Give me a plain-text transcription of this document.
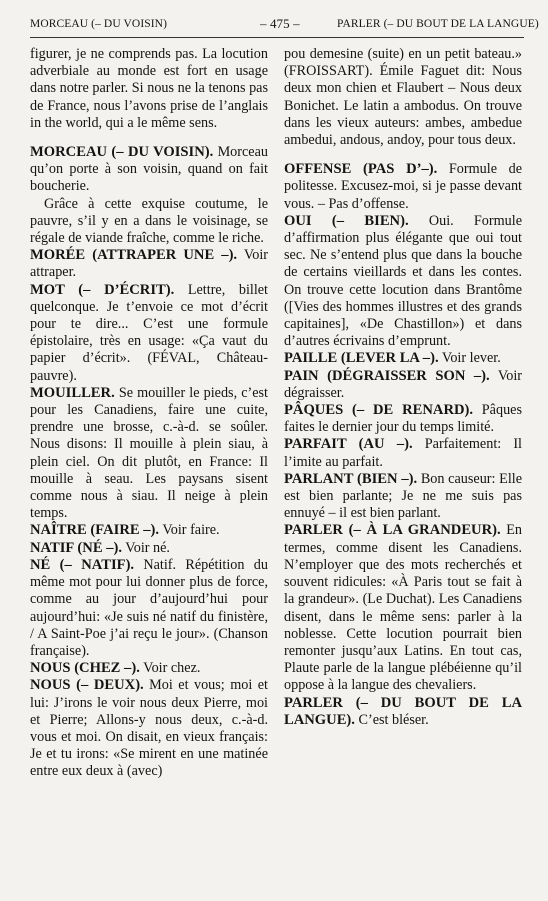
MORCEAU (– DU VOISIN)	– 475 –	PARLER (– DU BOUT DE LA LANGUE)

figurer, je ne comprends pas. La locution adverbiale au monde est fort en usage dans notre parler. Si nous ne la tenons pas de France, nous l’avons prise de l’anglais in the world, qui a le même sens.

MORCEAU (– DU VOISIN). Morceau qu’on porte à son voisin, quand on fait boucherie.

Grâce à cette exquise coutume, le pauvre, s’il y en a dans le voisinage, se régale de viande fraîche, comme le riche.

MORÉE (ATTRAPER UNE –). Voir attraper.

MOT (– D’ÉCRIT). Lettre, billet quelconque. Je t’envoie ce mot d’écrit pour te dire... C’est une formule épistolaire, très en usage: «Ça vaut du papier d’écrit». (FÉVAL, Château-pauvre).

MOUILLER. Se mouiller le pieds, c’est pour les Canadiens, faire une cuite, prendre une brosse, c.-à-d. se soûler. Nous disons: Il mouille à plein siau, à plein ciel. On dit plutôt, en France: Il mouille à seau. Les paysans sisent comme nous à siau. Il neige à plein temps.

NAÎTRE (FAIRE –). Voir faire.

NATIF (NÉ –). Voir né.

NÉ (– NATIF). Natif. Répétition du même mot pour lui donner plus de force, comme au jour d’aujourd’hui pour aujourd’hui: «Je suis né natif du finistère, / A Saint-Poe j’ai reçu le jour». (Chanson française).

NOUS (CHEZ –). Voir chez.

NOUS (– DEUX). Moi et vous; moi et lui: J’irons le voir nous deux Pierre, moi et Pierre; Allons-y nous deux, c.-à-d. vous et moi. On disait, en vieux français: Je et tu irons: «Se mirent en une matinée entre eux deux à (avec)

pou demesine (suite) en un petit bateau.» (FROISSART). Émile Faguet dit: Nous deux mon chien et Flaubert – Nous deux Bonichet. Le latin a ambodus. On trouve dans les vieux auteurs: ambes, ambedue ambedui, andous, andoy, pour tous deux.

OFFENSE (PAS D’–). Formule de politesse. Excusez-moi, si je passe devant vous. – Pas d’offense.

OUI (– BIEN). Oui. Formule d’affirmation plus élégante que oui tout sec. Ne s’entend plus que dans la bouche de certains vieillards et dans les contes. On trouve cette locution dans Brantôme ([Vies des hommes illustres et des grands capitaines], «De Chastillon») et dans d’autres écrivains d’emprunt.

PAILLE (LEVER LA –). Voir lever.

PAIN (DÉGRAISSER SON –). Voir dégraisser.

PÂQUES (– DE RENARD). Pâques faites le dernier jour du temps limité.

PARFAIT (AU –). Parfaitement: Il l’imite au parfait.

PARLANT (BIEN –). Bon causeur: Elle est bien parlante; Je ne me suis pas ennuyé – il est bien parlant.

PARLER (– À LA GRANDEUR). En termes, comme disent les Canadiens. N’employer que des mots recherchés et souvent ridicules: «À Paris tout se fait à la grandeur». (Le Duchat). Les Canadiens disent, dans le même sens: parler à la noblesse. Cette locution pourrait bien remonter jusqu’aux Latins. En tout cas, Plaute parle de la langue plébéienne qu’il oppose à la langue des chevaliers.

PARLER (– DU BOUT DE LA LANGUE). C’est bléser.
